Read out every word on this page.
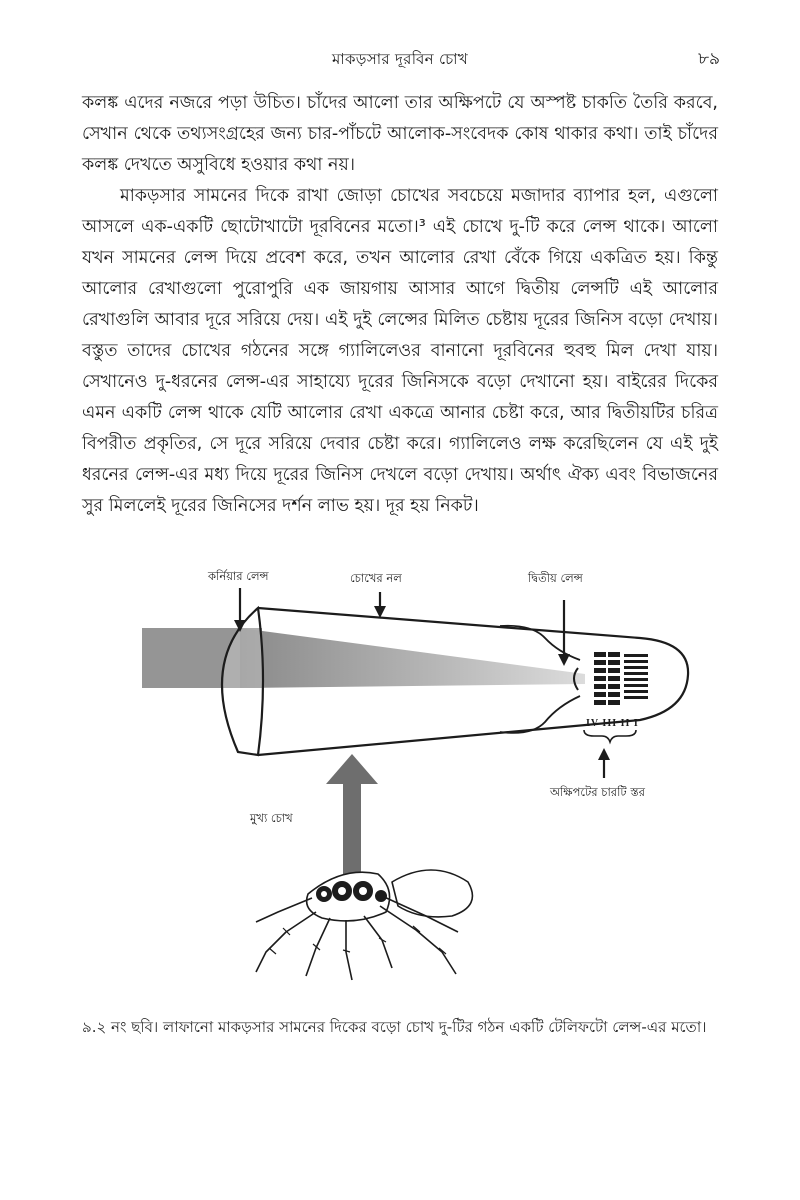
মাকড়সার দূরবিন চোখ	৮৯

কলঙ্ক এদের নজরে পড়া উচিত। চাঁদের আলো তার অক্ষিপটে যে অস্পষ্ট চাকতি তৈরি করবে, সেখান থেকে তথ্যসংগ্রহের জন্য চার-পাঁচটে আলোক-সংবেদক কোষ থাকার কথা। তাই চাঁদের কলঙ্ক দেখতে অসুবিধে হওয়ার কথা নয়।

মাকড়সার সামনের দিকে রাখা জোড়া চোখের সবচেয়ে মজাদার ব্যাপার হল, এগুলো আসলে এক-একটি ছোটোখাটো দূরবিনের মতো।³ এই চোখে দু-টি করে লেন্স থাকে। আলো যখন সামনের লেন্স দিয়ে প্রবেশ করে, তখন আলোর রেখা বেঁকে গিয়ে একত্রিত হয়। কিন্তু আলোর রেখাগুলো পুরোপুরি এক জায়গায় আসার আগে দ্বিতীয় লেন্সটি এই আলোর রেখাগুলি আবার দূরে সরিয়ে দেয়। এই দুই লেন্সের মিলিত চেষ্টায় দূরের জিনিস বড়ো দেখায়। বস্তুত তাদের চোখের গঠনের সঙ্গে গ্যালিলেওর বানানো দূরবিনের হুবহু মিল দেখা যায়। সেখানেও দু-ধরনের লেন্স-এর সাহায্যে দূরের জিনিসকে বড়ো দেখানো হয়। বাইরের দিকের এমন একটি লেন্স থাকে যেটি আলোর রেখা একত্রে আনার চেষ্টা করে, আর দ্বিতীয়টির চরিত্র বিপরীত প্রকৃতির, সে দূরে সরিয়ে দেবার চেষ্টা করে। গ্যালিলেও লক্ষ করেছিলেন যে এই দুই ধরনের লেন্স-এর মধ্য দিয়ে দূরের জিনিস দেখলে বড়ো দেখায়। অর্থাৎ ঐক্য এবং বিভাজনের সুর মিললেই দূরের জিনিসের দর্শন লাভ হয়। দূর হয় নিকট।

কর্নিয়ার লেন্স	চোখের নল	দ্বিতীয় লেন্স
IV III II I
অক্ষিপটের চারটি স্তর
মুখ্য চোখ
৯.২ নং ছবি। লাফানো মাকড়সার সামনের দিকের বড়ো চোখ দু-টির গঠন একটি টেলিফটো লেন্স-এর মতো।
